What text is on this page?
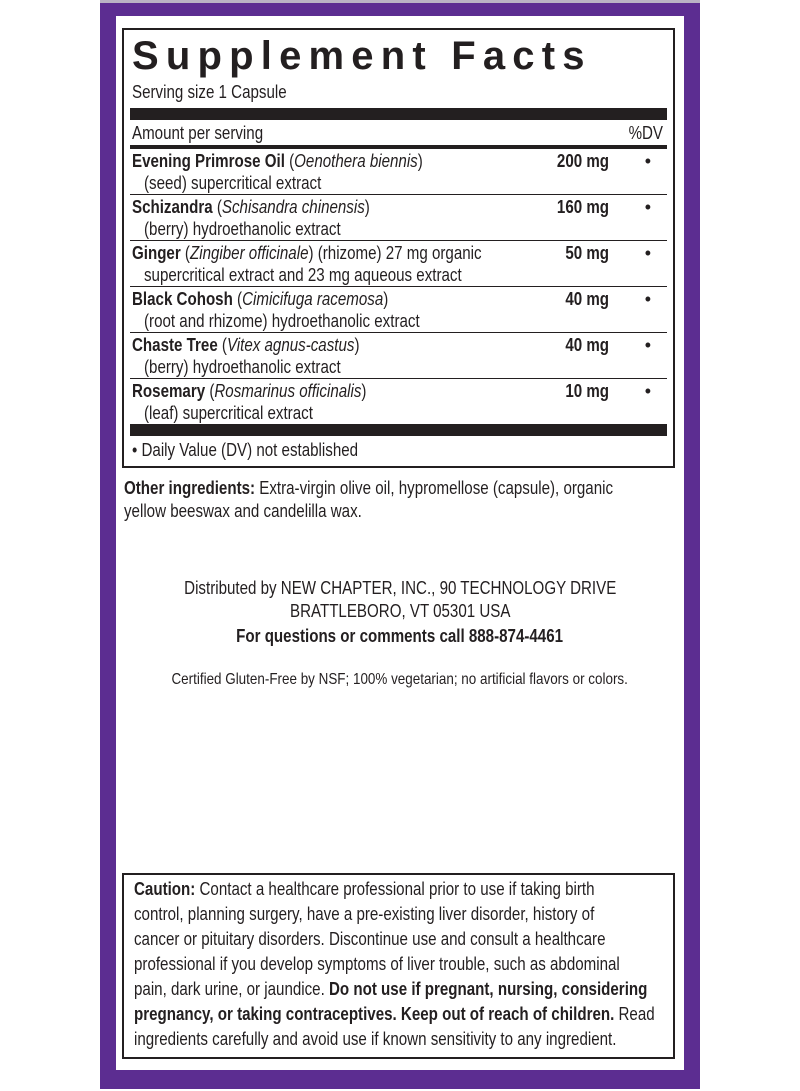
Supplement Facts
Serving size 1 Capsule
Amount per serving	%DV
Evening Primrose Oil (Oenothera biennis)
(seed) supercritical extract
200 mg •
Schizandra (Schisandra chinensis)
(berry) hydroethanolic extract
160 mg •
Ginger (Zingiber officinale) (rhizome) 27 mg organic
supercritical extract and 23 mg aqueous extract
50 mg •
Black Cohosh (Cimicifuga racemosa)
(root and rhizome) hydroethanolic extract
40 mg •
Chaste Tree (Vitex agnus-castus)
(berry) hydroethanolic extract
40 mg •
Rosemary (Rosmarinus officinalis)
(leaf) supercritical extract
10 mg •
• Daily Value (DV) not established
Other ingredients: Extra-virgin olive oil, hypromellose (capsule), organic
yellow beeswax and candelilla wax.
Distributed by NEW CHAPTER, INC., 90 TECHNOLOGY DRIVE
BRATTLEBORO, VT 05301 USA
For questions or comments call 888-874-4461
Certified Gluten-Free by NSF; 100% vegetarian; no artificial flavors or colors.
Caution: Contact a healthcare professional prior to use if taking birth
control, planning surgery, have a pre-existing liver disorder, history of
cancer or pituitary disorders. Discontinue use and consult a healthcare
professional if you develop symptoms of liver trouble, such as abdominal
pain, dark urine, or jaundice. Do not use if pregnant, nursing, considering
pregnancy, or taking contraceptives. Keep out of reach of children. Read
ingredients carefully and avoid use if known sensitivity to any ingredient.
